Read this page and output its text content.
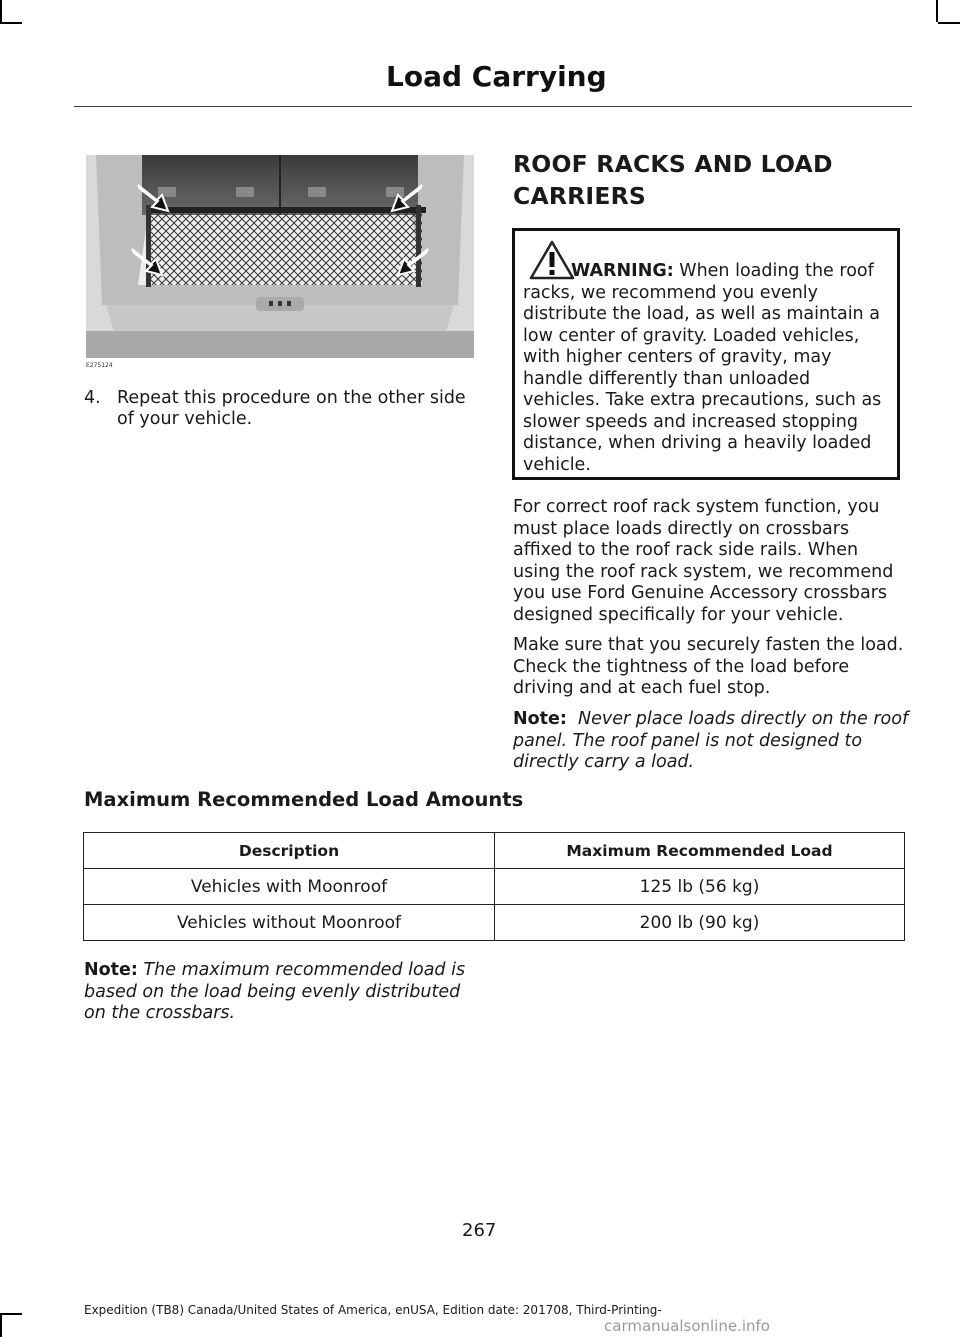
Load Carrying
E275124
4. Repeat this procedure on the other side of your vehicle.
ROOF RACKS AND LOAD
CARRIERS
WARNING: When loading the roof
racks, we recommend you evenly distribute the load, as well as maintain a low center of gravity. Loaded vehicles, with higher centers of gravity, may handle differently than unloaded vehicles. Take extra precautions, such as slower speeds and increased stopping distance, when driving a heavily loaded vehicle.
For correct roof rack system function, you must place loads directly on crossbars affixed to the roof rack side rails. When using the roof rack system, we recommend you use Ford Genuine Accessory crossbars designed specifically for your vehicle.
Make sure that you securely fasten the load. Check the tightness of the load before driving and at each fuel stop.
Note: Never place loads directly on the roof panel. The roof panel is not designed to directly carry a load.
Maximum Recommended Load Amounts
Description	Maximum Recommended Load
Vehicles with Moonroof	125 lb (56 kg)
Vehicles without Moonroof	200 lb (90 kg)
Note: The maximum recommended load is based on the load being evenly distributed on the crossbars.
267
Expedition (TB8) Canada/United States of America, enUSA, Edition date: 201708, Third-Printing-
carmanualsonline.info
